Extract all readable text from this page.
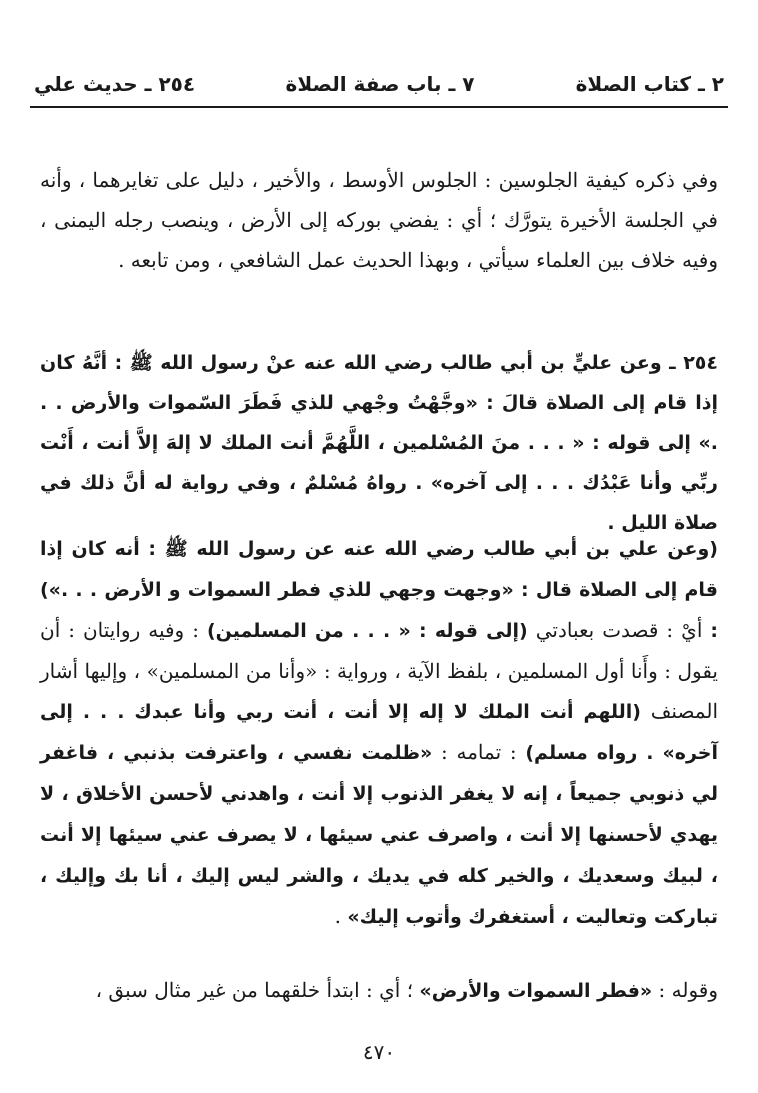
٢ ـ كتاب الصلاة
٧ ـ باب صفة الصلاة
٢٥٤ ـ حديث علي

وفي ذكره كيفية الجلوسين : الجلوس الأوسط ، والأخير ، دليل على تغايرهما ، وأنه في الجلسة الأخيرة يتورَّك ؛ أي : يفضي بوركه إلى الأرض ، وينصب رجله اليمنى ، وفيه خلاف بين العلماء سيأتي ، وبهذا الحديث عمل الشافعي ، ومن تابعه .

٢٥٤ ـ وعن عليٍّ بن أبي طالب رضي الله عنه عنْ رسول الله ﷺ : أنَّهُ كان إذا قام إلى الصلاة قالَ : «وجَّهْتُ وجْهي للذي فَطَرَ السّموات والأرض . . .» إلى قوله : « . . . منَ المُسْلمين ، اللَّهُمَّ أنت الملك لا إلهَ إلاَّ أنت ، أَنْت ربِّي وأنا عَبْدُك . . . إلى آخره» . رواهُ مُسْلمٌ ، وفي رواية له أنَّ ذلك في صلاة الليل .

(وعن علي بن أبي طالب رضي الله عنه عن رسول الله ﷺ : أنه كان إذا قام إلى الصلاة قال : «وجهت وجهي للذي فطر السموات و الأرض . . .») : أيْ : قصدت بعبادتي (إلى قوله : « . . . من المسلمين) : وفيه روايتان : أن يقول : وأَنا أول المسلمين ، بلفظ الآية ، ورواية : «وأنا من المسلمين» ، وإليها أشار المصنف (اللهم أنت الملك لا إله إلا أنت ، أنت ربي وأنا عبدك . . . إلى آخره» . رواه مسلم) : تمامه : «ظلمت نفسي ، واعترفت بذنبي ، فاغفر لي ذنوبي جميعاً ، إنه لا يغفر الذنوب إلا أنت ، واهدني لأحسن الأخلاق ، لا يهدي لأحسنها إلا أنت ، واصرف عني سيئها ، لا يصرف عني سيئها إلا أنت ، لبيك وسعديك ، والخير كله في يديك ، والشر ليس إليك ، أنا بك وإليك ، تباركت وتعاليت ، أستغفرك وأتوب إليك» .

وقوله : «فطر السموات والأرض» ؛ أي : ابتدأ خلقهما من غير مثال سبق ،

٤٧٠
